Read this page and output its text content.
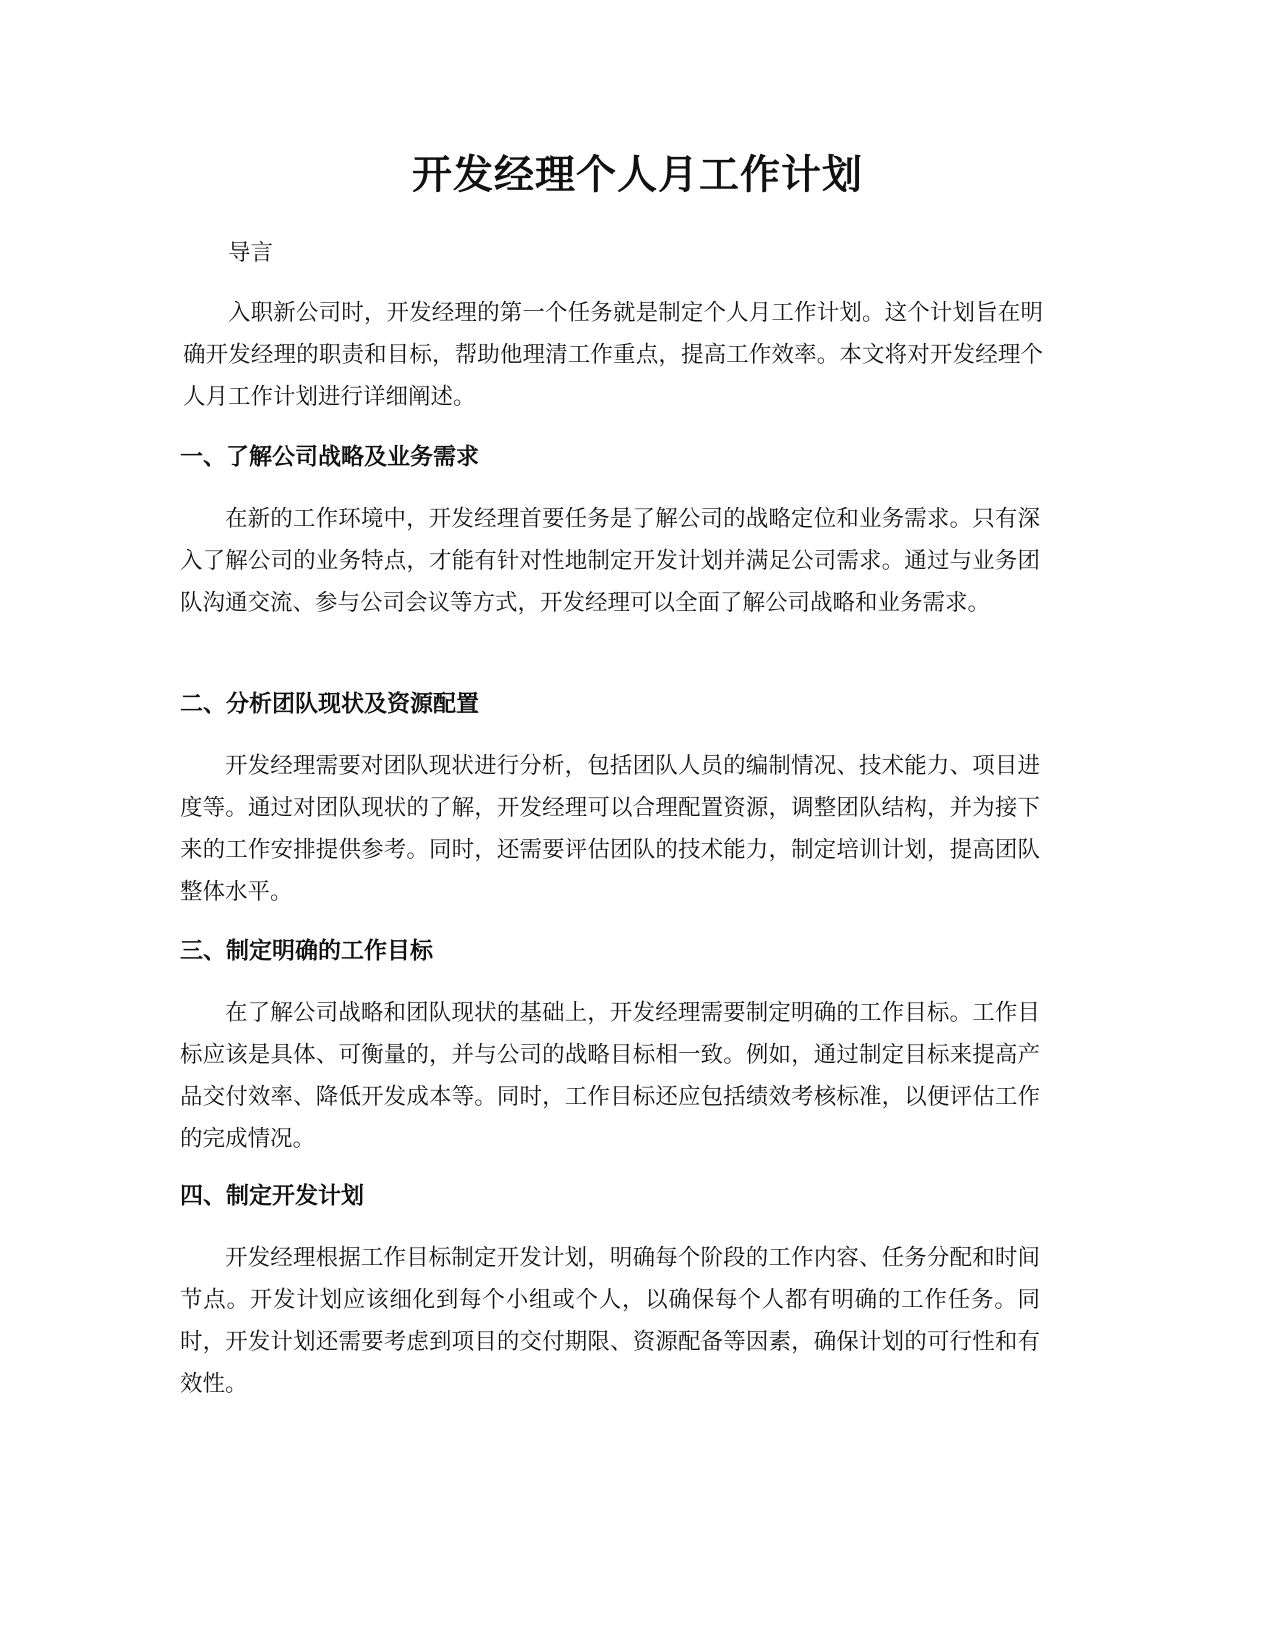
开发经理个人月工作计划

导言

入职新公司时，开发经理的第一个任务就是制定个人月工作计划。这个计划旨在明确开发经理的职责和目标，帮助他理清工作重点，提高工作效率。本文将对开发经理个人月工作计划进行详细阐述。

一、了解公司战略及业务需求

在新的工作环境中，开发经理首要任务是了解公司的战略定位和业务需求。只有深入了解公司的业务特点，才能有针对性地制定开发计划并满足公司需求。通过与业务团队沟通交流、参与公司会议等方式，开发经理可以全面了解公司战略和业务需求。

二、分析团队现状及资源配置

开发经理需要对团队现状进行分析，包括团队人员的编制情况、技术能力、项目进度等。通过对团队现状的了解，开发经理可以合理配置资源，调整团队结构，并为接下来的工作安排提供参考。同时，还需要评估团队的技术能力，制定培训计划，提高团队整体水平。

三、制定明确的工作目标

在了解公司战略和团队现状的基础上，开发经理需要制定明确的工作目标。工作目标应该是具体、可衡量的，并与公司的战略目标相一致。例如，通过制定目标来提高产品交付效率、降低开发成本等。同时，工作目标还应包括绩效考核标准，以便评估工作的完成情况。

四、制定开发计划

开发经理根据工作目标制定开发计划，明确每个阶段的工作内容、任务分配和时间节点。开发计划应该细化到每个小组或个人，以确保每个人都有明确的工作任务。同时，开发计划还需要考虑到项目的交付期限、资源配备等因素，确保计划的可行性和有效性。
